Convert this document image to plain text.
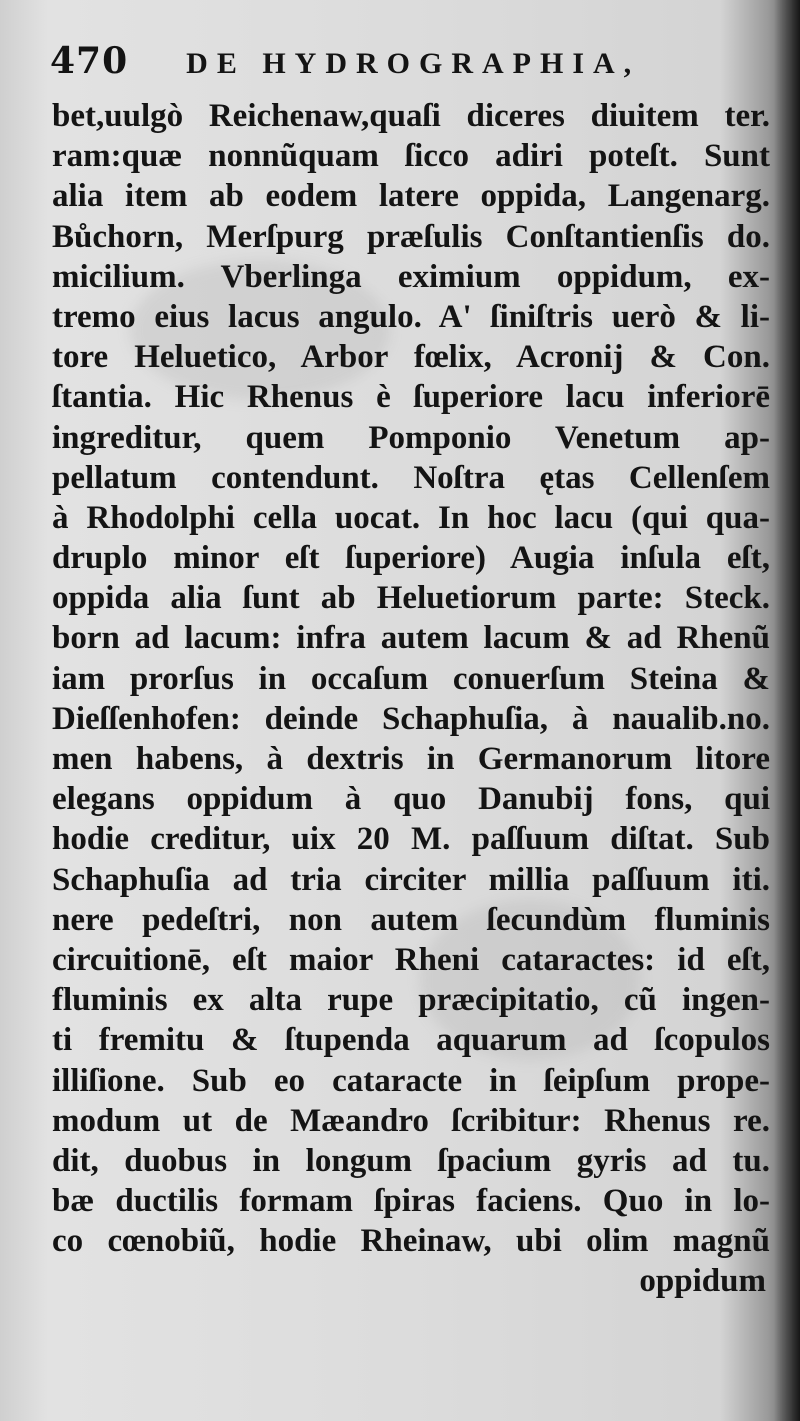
470 DE HYDROGRAPHIA,
bet,uulgò Reichenaw,quaſi diceres diuitem ter.
ram:quæ nonnũquam ſicco adiri poteſt. Sunt
alia item ab eodem latere oppida, Langenarg.
Bůchorn, Merſpurg præſulis Conſtantienſis do.
micilium. Vberlinga eximium oppidum, ex-
tremo eius lacus angulo. A' ſiniſtris uerò & li-
tore Heluetico, Arbor fœlix, Acronij & Con.
ſtantia. Hic Rhenus è ſuperiore lacu inferiorē
ingreditur, quem Pomponio Venetum ap-
pellatum contendunt. Noſtra ętas Cellenſem
à Rhodolphi cella uocat. In hoc lacu (qui qua-
druplo minor eſt ſuperiore) Augia inſula eſt,
oppida alia ſunt ab Heluetiorum parte: Steck.
born ad lacum: infra autem lacum & ad Rhenũ
iam prorſus in occaſum conuerſum Steina &
Dieſſenhofen: deinde Schaphuſia, à naualib.no.
men habens, à dextris in Germanorum litore
elegans oppidum à quo Danubij fons, qui
hodie creditur, uix 20 M. paſſuum diſtat. Sub
Schaphuſia ad tria circiter millia paſſuum iti.
nere pedeſtri, non autem ſecundùm fluminis
circuitionē, eſt maior Rheni cataractes: id eſt,
fluminis ex alta rupe præcipitatio, cũ ingen-
ti fremitu & ſtupenda aquarum ad ſcopulos
illiſione. Sub eo cataracte in ſeipſum prope-
modum ut de Mæandro ſcribitur: Rhenus re.
dit, duobus in longum ſpacium gyris ad tu.
bæ ductilis formam ſpiras faciens. Quo in lo-
co cœnobiũ, hodie Rheinaw, ubi olim magnũ
oppidum
